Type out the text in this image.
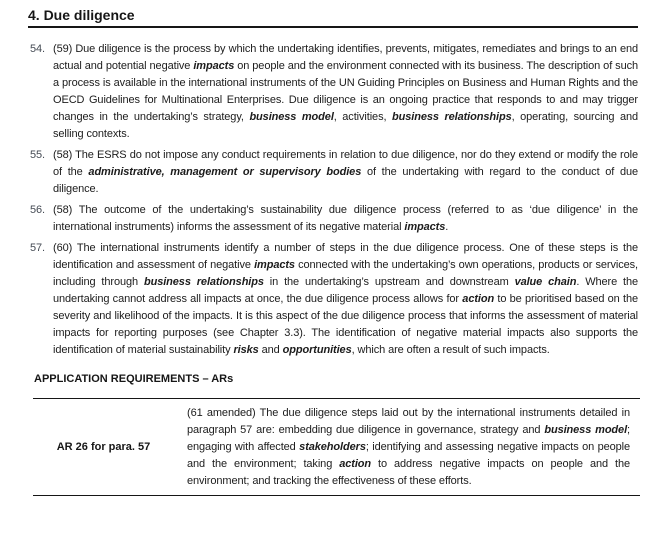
4. Due diligence
54. (59) Due diligence is the process by which the undertaking identifies, prevents, mitigates, remediates and brings to an end actual and potential negative impacts on people and the environment connected with its business. The description of such a process is available in the international instruments of the UN Guiding Principles on Business and Human Rights and the OECD Guidelines for Multinational Enterprises. Due diligence is an ongoing practice that responds to and may trigger changes in the undertaking’s strategy, business model, activities, business relationships, operating, sourcing and selling contexts.
55. (58) The ESRS do not impose any conduct requirements in relation to due diligence, nor do they extend or modify the role of the administrative, management or supervisory bodies of the undertaking with regard to the conduct of due diligence.
56. (58) The outcome of the undertaking’s sustainability due diligence process (referred to as ‘due diligence’ in the international instruments) informs the assessment of its negative material impacts.
57. (60) The international instruments identify a number of steps in the due diligence process. One of these steps is the identification and assessment of negative impacts connected with the undertaking’s own operations, products or services, including through business relationships in the undertaking’s upstream and downstream value chain. Where the undertaking cannot address all impacts at once, the due diligence process allows for action to be prioritised based on the severity and likelihood of the impacts. It is this aspect of the due diligence process that informs the assessment of material impacts for reporting purposes (see Chapter 3.3). The identification of negative material impacts also supports the identification of material sustainability risks and opportunities, which are often a result of such impacts.
APPLICATION REQUIREMENTS – ARs
AR 26 for para. 57	(61 amended) The due diligence steps laid out by the international instruments detailed in paragraph 57 are: embedding due diligence in governance, strategy and business model; engaging with affected stakeholders; identifying and assessing negative impacts on people and the environment; taking action to address negative impacts on people and the environment; and tracking the effectiveness of these efforts.
